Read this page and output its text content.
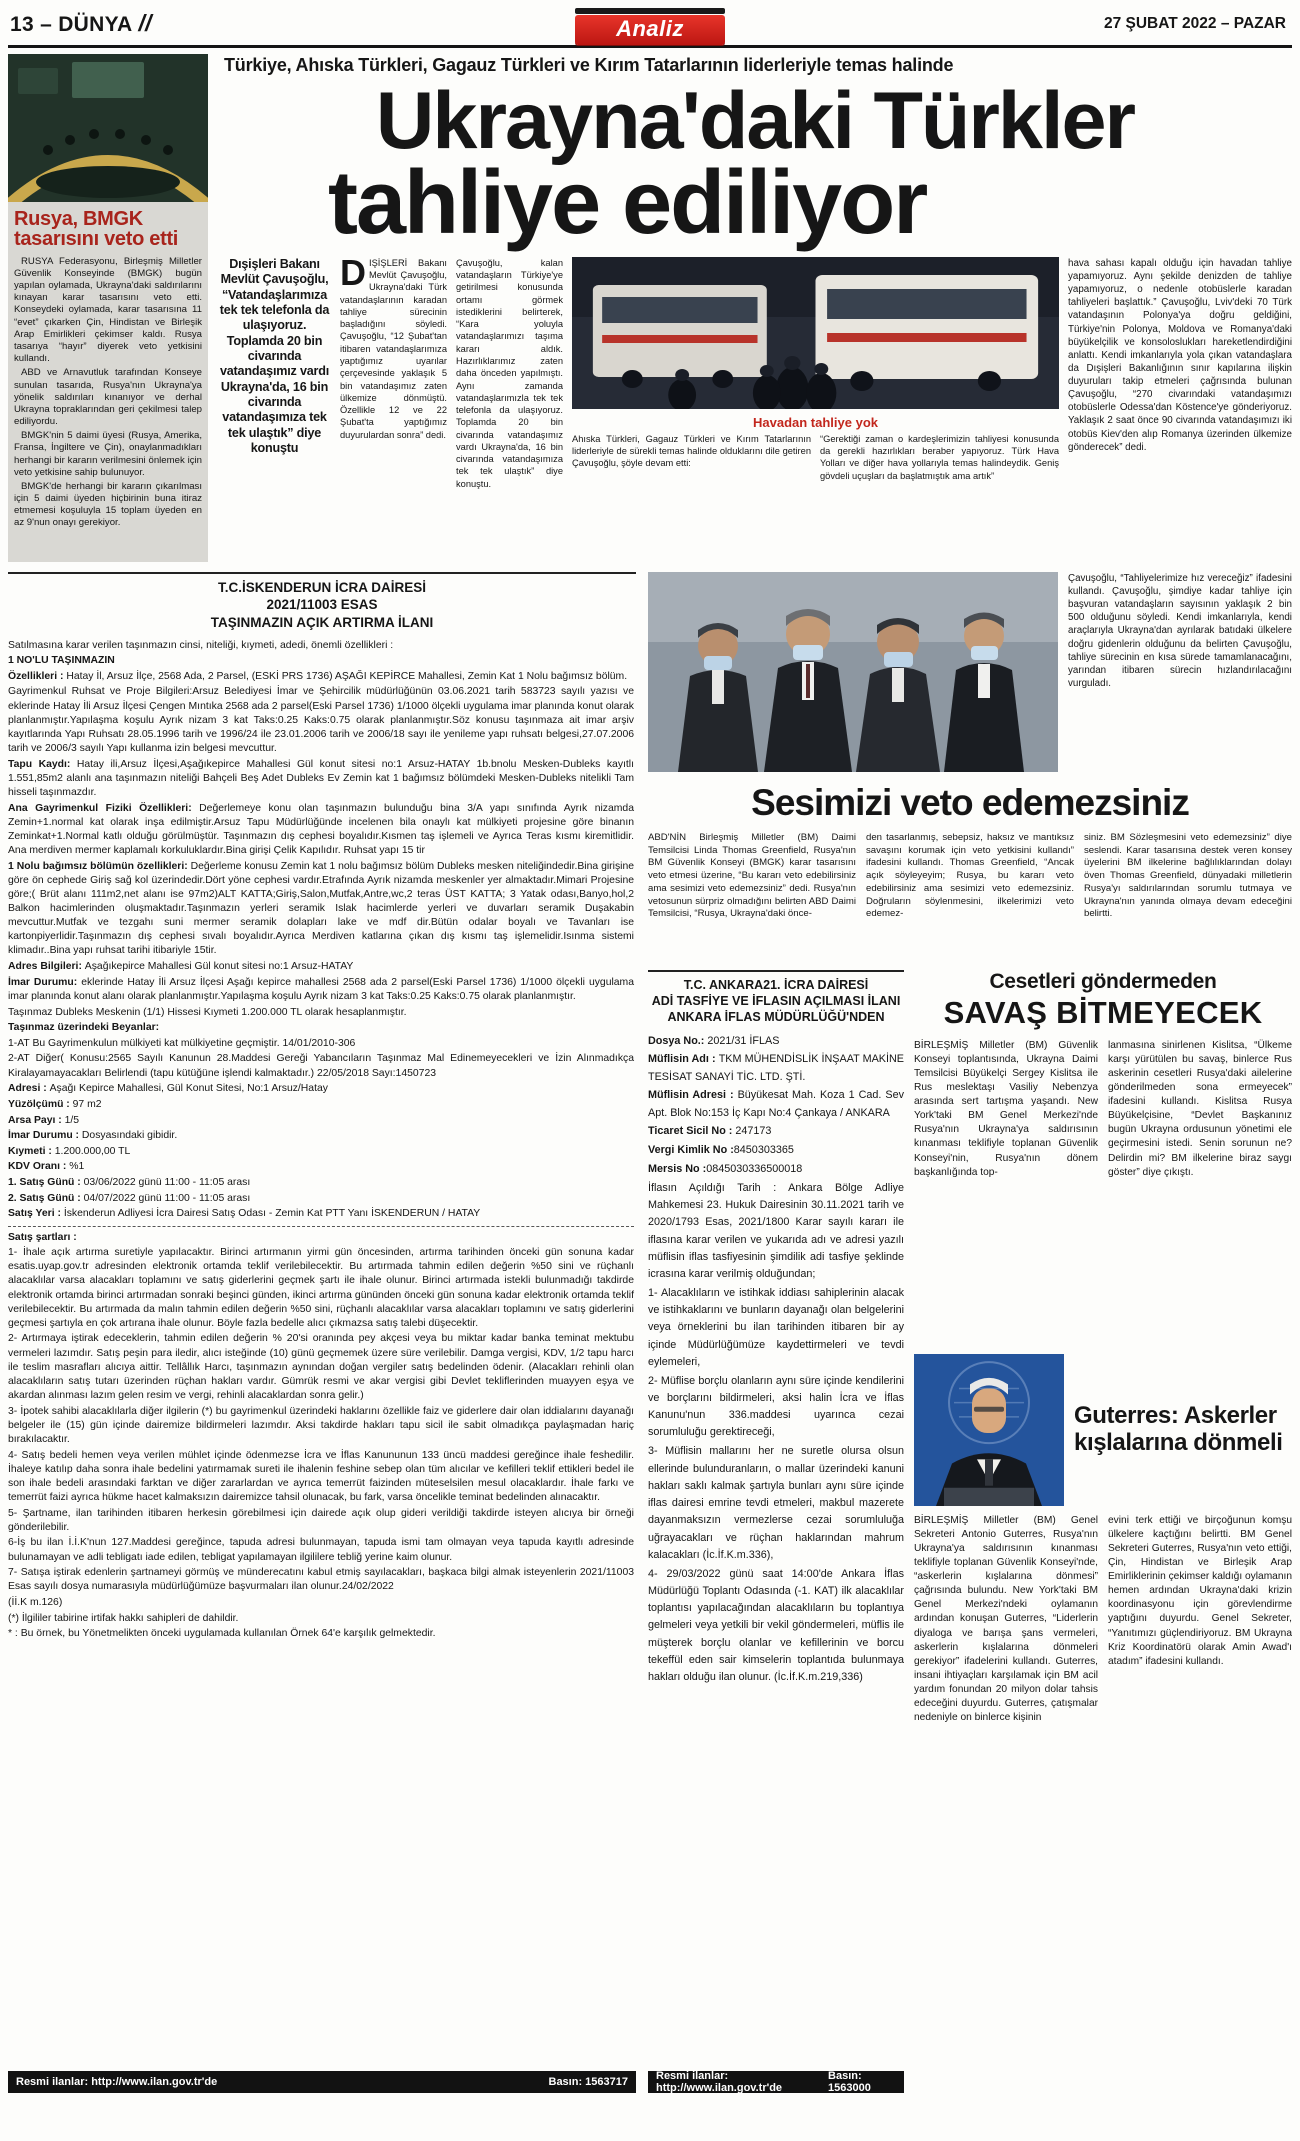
13 – DÜNYA //	Analiz	27 ŞUBAT 2022 – PAZAR
Rusya, BMGK tasarısını veto etti

RUSYA Federasyonu, Birleşmiş Milletler Güvenlik Konseyinde (BMGK) bugün yapılan oylamada, Ukrayna'daki saldırılarını kınayan karar tasarısını veto etti. Konseydeki oylamada, karar tasarısına 11 “evet” çıkarken Çin, Hindistan ve Birleşik Arap Emirlikleri çekimser kaldı. Rusya tasarıya “hayır” diyerek veto yetkisini kullandı.

ABD ve Arnavutluk tarafından Konseye sunulan tasarıda, Rusya'nın Ukrayna'ya yönelik saldırıları kınanıyor ve derhal Ukrayna topraklarından geri çekilmesi talep ediliyordu.

BMGK'nin 5 daimi üyesi (Rusya, Amerika, Fransa, İngiltere ve Çin), onaylanmadıkları herhangi bir kararın verilmesini önlemek için veto yetkisine sahip bulunuyor.

BMGK'de herhangi bir kararın çıkarılması için 5 daimi üyeden hiçbirinin buna itiraz etmemesi koşuluyla 15 toplam üyeden en az 9'nun onayı gerekiyor.

Türkiye, Ahıska Türkleri, Gagauz Türkleri ve Kırım Tatarlarının liderleriyle temas halinde
Ukrayna'daki Türkler
tahliye ediliyor
Dışişleri Bakanı Mevlüt Çavuşoğlu, “Vatandaşlarımıza tek tek telefonla da ulaşıyoruz. Toplamda 20 bin civarında vatandaşımız vardı Ukrayna'da, 16 bin civarında vatandaşımıza tek tek ulaştık” diye konuştu
DIŞİŞLERİ Bakanı Mevlüt Çavuşoğlu, Ukrayna'daki Türk vatandaşlarının karadan tahliye sürecinin başladığını söyledi. Çavuşoğlu, “12 Şubat'tan itibaren vatandaşlarımıza yaptığımız uyarılar çerçevesinde yaklaşık 5 bin vatandaşımız zaten ülkemize dönmüştü. Özellikle 12 ve 22 Şubat'ta yaptığımız duyurulardan sonra” dedi.
Çavuşoğlu, kalan vatandaşların Türkiye'ye getirilmesi konusunda ortamı görmek istediklerini belirterek, “Kara yoluyla vatandaşlarımızı taşıma kararı aldık. Hazırlıklarımız zaten daha önceden yapılmıştı. Aynı zamanda vatandaşlarımızla tek tek telefonla da ulaşıyoruz. Toplamda 20 bin civarında vatandaşımız vardı Ukrayna'da, 16 bin civarında vatandaşımıza tek tek ulaştık” diye konuştu.
Havadan tahliye yok
Ahıska Türkleri, Gagauz Türkleri ve Kırım Tatarlarının liderleriyle de sürekli temas halinde olduklarını dile getiren Çavuşoğlu, şöyle devam etti:
“Gerektiği zaman o kardeşlerimizin tahliyesi konusunda da gerekli hazırlıkları beraber yapıyoruz. Türk Hava Yolları ve diğer hava yollarıyla temas halindeydik. Geniş gövdeli uçuşları da başlatmıştık ama artık”
hava sahası kapalı olduğu için havadan tahliye yapamıyoruz. Aynı şekilde denizden de tahliye yapamıyoruz, o nedenle otobüslerle karadan tahliyeleri başlattık.” Çavuşoğlu, Lviv'deki 70 Türk vatandaşının Polonya'ya doğru geldiğini, Türkiye'nin Polonya, Moldova ve Romanya'daki büyükelçilik ve konsoloslukları hareketlendirdiğini anlattı. Kendi imkanlarıyla yola çıkan vatandaşlara da Dışişleri Bakanlığının sınır kapılarına ilişkin duyuruları takip etmeleri çağrısında bulunan Çavuşoğlu, “270 civarındaki vatandaşımızı otobüslerle Odessa'dan Köstence'ye gönderiyoruz. Yaklaşık 2 saat önce 90 civarında vatandaşımızı iki otobüs Kiev'den alıp Romanya üzerinden ülkemize gönderecek” dedi.

T.C.İSKENDERUN İCRA DAİRESİ

2021/11003 ESAS

TAŞINMAZIN AÇIK ARTIRMA İLANI

Satılmasına karar verilen taşınmazın cinsi, niteliği, kıymeti, adedi, önemli özellikleri :

1 NO'LU TAŞINMAZIN

Özellikleri : Hatay İl, Arsuz İlçe, 2568 Ada, 2 Parsel, (ESKİ PRS 1736) AŞAĞI KEPİRCE Mahallesi, Zemin Kat 1 Nolu bağımsız bölüm.

Gayrimenkul Ruhsat ve Proje Bilgileri:Arsuz Belediyesi İmar ve Şehircilik müdürlüğünün 03.06.2021 tarih 583723 sayılı yazısı ve eklerinde Hatay İli Arsuz İlçesi Çengen Mıntıka 2568 ada 2 parsel(Eski Parsel 1736) 1/1000 ölçekli uygulama imar planında konut olarak planlanmıştır.Yapılaşma koşulu Ayrık nizam 3 kat Taks:0.25 Kaks:0.75 olarak planlanmıştır.Söz konusu taşınmaza ait imar arşiv kayıtlarında Yapı Ruhsatı 28.05.1996 tarih ve 1996/24 ile 23.01.2006 tarih ve 2006/18 sayı ile yenileme yapı ruhsatı belgesi,27.07.2006 tarih ve 2006/3 sayılı Yapı kullanma izin belgesi mevcuttur.

Tapu Kaydı: Hatay ili,Arsuz İlçesi,Aşağıkepirce Mahallesi Gül konut sitesi no:1 Arsuz-HATAY 1b.bnolu Mesken-Dubleks kayıtlı 1.551,85m2 alanlı ana taşınmazın niteliği Bahçeli Beş Adet Dubleks Ev Zemin kat 1 bağımsız bölümdeki Mesken-Dubleks nitelikli Tam hisseli taşınmazdır.

Ana Gayrimenkul Fiziki Özellikleri: Değerlemeye konu olan taşınmazın bulunduğu bina 3/A yapı sınıfında Ayrık nizamda Zemin+1.normal kat olarak inşa edilmiştir.Arsuz Tapu Müdürlüğünde incelenen bila onaylı kat mülkiyeti projesine göre binanın Zeminkat+1.Normal katlı olduğu görülmüştür. Taşınmazın dış cephesi boyalıdır.Kısmen taş işlemeli ve Ayrıca Teras kısmı kiremitlidir. Ana merdiven mermer kaplamalı korkuluklardır.Bina girişi Çelik Kapılıdır. Ruhsat yapı 15 tir

1 Nolu bağımsız bölümün özellikleri: Değerleme konusu Zemin kat 1 nolu bağımsız bölüm Dubleks mesken niteliğindedir.Bina girişine göre ön cephede Giriş sağ kol üzerindedir.Dört yöne cephesi vardır.Etrafında Ayrık nizamda meskenler yer almaktadır.Mimari Projesine göre;( Brüt alanı 111m2,net alanı ise 97m2)ALT KATTA;Giriş,Salon,Mutfak,Antre,wc,2 teras ÜST KATTA; 3 Yatak odası,Banyo,hol,2 Balkon hacimlerinden oluşmaktadır.Taşınmazın yerleri seramik Islak hacimlerde yerleri ve duvarları seramik Duşakabin mevcuttur.Mutfak ve tezgahı suni mermer seramik dolapları lake ve mdf dir.Bütün odalar boyalı ve Tavanları ise kartonpiyerlidir.Taşınmazın dış cephesi sıvalı boyalıdır.Ayrıca Merdiven katlarına çıkan dış kısmı taş işlemelidir.Isınma sistemi klimadır..Bina yapı ruhsat tarihi itibariyle 15tir.

Adres Bilgileri: Aşağıkepirce Mahallesi Gül konut sitesi no:1 Arsuz-HATAY

İmar Durumu: eklerinde Hatay İli Arsuz İlçesi Aşağı kepirce mahallesi 2568 ada 2 parsel(Eski Parsel 1736) 1/1000 ölçekli uygulama imar planında konut alanı olarak planlanmıştır.Yapılaşma koşulu Ayrık nizam 3 kat Taks:0.25 Kaks:0.75 olarak planlanmıştır.

Taşınmaz Dubleks Meskenin (1/1) Hissesi Kıymeti 1.200.000 TL olarak hesaplanmıştır.

Taşınmaz üzerindeki Beyanlar:

1-AT Bu Gayrimenkulun mülkiyeti kat mülkiyetine geçmiştir. 14/01/2010-306

2-AT Diğer( Konusu:2565 Sayılı Kanunun 28.Maddesi Gereği Yabancıların Taşınmaz Mal Edinemeyecekleri ve İzin Alınmadıkça Kiralayamayacakları Belirlendi (tapu kütüğüne işlendi kalmaktadır.) 22/05/2018 Sayı:1450723

Adresi : Aşağı Kepirce Mahallesi, Gül Konut Sitesi, No:1 Arsuz/Hatay

Yüzölçümü : 97 m2

Arsa Payı : 1/5

İmar Durumu : Dosyasındaki gibidir.

Kıymeti : 1.200.000,00 TL

KDV Oranı : %1

1. Satış Günü : 03/06/2022 günü 11:00 - 11:05 arası

2. Satış Günü : 04/07/2022 günü 11:00 - 11:05 arası

Satış Yeri : İskenderun Adliyesi İcra Dairesi Satış Odası - Zemin Kat PTT Yanı İSKENDERUN / HATAY

Satış şartları :

1- İhale açık artırma suretiyle yapılacaktır. Birinci artırmanın yirmi gün öncesinden, artırma tarihinden önceki gün sonuna kadar esatis.uyap.gov.tr adresinden elektronik ortamda teklif verilebilecektir. Bu artırmada tahmin edilen değerin %50 sini ve rüçhanlı alacaklılar varsa alacakları toplamını ve satış giderlerini geçmek şartı ile ihale olunur. Birinci artırmada istekli bulunmadığı takdirde elektronik ortamda birinci artırmadan sonraki beşinci günden, ikinci artırma gününden önceki gün sonuna kadar elektronik ortamda teklif verilebilecektir. Bu artırmada da malın tahmin edilen değerin %50 sini, rüçhanlı alacaklılar varsa alacakları toplamını ve satış giderlerini geçmesi şartıyla en çok artırana ihale olunur. Böyle fazla bedelle alıcı çıkmazsa satış talebi düşecektir.

2- Artırmaya iştirak edeceklerin, tahmin edilen değerin % 20'si oranında pey akçesi veya bu miktar kadar banka teminat mektubu vermeleri lazımdır. Satış peşin para iledir, alıcı isteğinde (10) günü geçmemek üzere süre verilebilir. Damga vergisi, KDV, 1/2 tapu harcı ile teslim masrafları alıcıya aittir. Tellâllık Harcı, taşınmazın aynından doğan vergiler satış bedelinden ödenir. (Alacakları rehinli olan alacaklıların satış tutarı üzerinden rüçhan hakları vardır. Gümrük resmi ve akar vergisi gibi Devlet tekliflerinden muayyen eşya ve akardan alınması lazım gelen resim ve vergi, rehinli alacaklardan sonra gelir.)

3- İpotek sahibi alacaklılarla diğer ilgilerin (*) bu gayrimenkul üzerindeki haklarını özellikle faiz ve giderlere dair olan iddialarını dayanağı belgeler ile (15) gün içinde dairemize bildirmeleri lazımdır. Aksi takdirde hakları tapu sicil ile sabit olmadıkça paylaşmadan hariç bırakılacaktır.

4- Satış bedeli hemen veya verilen mühlet içinde ödenmezse İcra ve İflas Kanununun 133 üncü maddesi gereğince ihale feshedilir. İhaleye katılıp daha sonra ihale bedelini yatırmamak sureti ile ihalenin feshine sebep olan tüm alıcılar ve kefilleri teklif ettikleri bedel ile son ihale bedeli arasındaki farktan ve diğer zararlardan ve ayrıca temerrüt faizinden müteselsilen mesul olacaklardır. İhale farkı ve temerrüt faizi ayrıca hükme hacet kalmaksızın dairemizce tahsil olunacak, bu fark, varsa öncelikle teminat bedelinden alınacaktır.

5- Şartname, ilan tarihinden itibaren herkesin görebilmesi için dairede açık olup gideri verildiği takdirde isteyen alıcıya bir örneği gönderilebilir.

6-İş bu ilan İ.İ.K'nun 127.Maddesi gereğince, tapuda adresi bulunmayan, tapuda ismi tam olmayan veya tapuda kayıtlı adresinde bulunamayan ve adli tebligatı iade edilen, tebligat yapılamayan ilgililere tebliğ yerine kaim olunur.

7- Satışa iştirak edenlerin şartnameyi görmüş ve münderecatını kabul etmiş sayılacakları, başkaca bilgi almak isteyenlerin 2021/11003 Esas sayılı dosya numarasıyla müdürlüğümüze başvurmaları ilan olunur.24/02/2022

(İİ.K m.126)

(*) İlgililer tabirine irtifak hakkı sahipleri de dahildir.

* : Bu örnek, bu Yönetmelikten önceki uygulamada kullanılan Örnek 64'e karşılık gelmektedir.

Resmi ilanlar: http://www.ilan.gov.tr'de	Basın: 1563717
Çavuşoğlu, “Tahliyelerimize hız vereceğiz” ifadesini kullandı. Çavuşoğlu, şimdiye kadar tahliye için başvuran vatandaşların sayısının yaklaşık 2 bin 500 olduğunu söyledi. Kendi imkanlarıyla, kendi araçlarıyla Ukrayna'dan ayrılarak batıdaki ülkelere doğru gidenlerin olduğunu da belirten Çavuşoğlu, tahliye sürecinin en kısa sürede tamamlanacağını, yarından itibaren sürecin hızlandırılacağını vurguladı.
Sesimizi veto edemezsiniz
ABD'NİN Birleşmiş Milletler (BM) Daimi Temsilcisi Linda Thomas Greenfield, Rusya'nın BM Güvenlik Konseyi (BMGK) karar tasarısını veto etmesi üzerine, “Bu kararı veto edebilirsiniz ama sesimizi veto edemezsiniz” dedi. Rusya'nın vetosunun sürpriz olmadığını belirten ABD Daimi Temsilcisi, “Rusya, Ukrayna'daki önce-
den tasarlanmış, sebepsiz, haksız ve mantıksız savaşını korumak için veto yetkisini kullandı” ifadesini kullandı. Thomas Greenfield, “Ancak açık söyleyeyim; Rusya, bu kararı veto edebilirsiniz ama sesimizi veto edemezsiniz. Doğruların söylenmesini, ilkelerimizi veto edemez-
siniz. BM Sözleşmesini veto edemezsiniz” diye seslendi. Karar tasarısına destek veren konsey üyelerini BM ilkelerine bağlılıklarından dolayı öven Thomas Greenfield, dünyadaki milletlerin Rusya'yı saldırılarından sorumlu tutmaya ve Ukrayna'nın yanında olmaya devam edeceğini belirtti.

T.C. ANKARA21. İCRA DAİRESİ

ADİ TASFİYE VE İFLASIN AÇILMASI İLANI

ANKARA İFLAS MÜDÜRLÜĞÜ'NDEN

Dosya No.: 2021/31 İFLAS

Müflisin Adı : TKM MÜHENDİSLİK İNŞAAT MAKİNE TESİSAT SANAYİ TİC. LTD. ŞTİ.

Müflisin Adresi : Büyükesat Mah. Koza 1 Cad. Sev Apt. Blok No:153 İç Kapı No:4 Çankaya / ANKARA

Ticaret Sicil No : 247173

Vergi Kimlik No :8450303365

Mersis No :0845030336500018

İflasın Açıldığı Tarih : Ankara Bölge Adliye Mahkemesi 23. Hukuk Dairesinin 30.11.2021 tarih ve 2020/1793 Esas, 2021/1800 Karar sayılı kararı ile iflasına karar verilen ve yukarıda adı ve adresi yazılı müflisin iflas tasfiyesinin şimdilik adi tasfiye şeklinde icrasına karar verilmiş olduğundan;

1- Alacaklıların ve istihkak iddiası sahiplerinin alacak ve istihkaklarını ve bunların dayanağı olan belgelerini veya örneklerini bu ilan tarihinden itibaren bir ay içinde Müdürlüğümüze kaydettirmeleri ve tevdi eylemeleri,

2- Müflise borçlu olanların aynı süre içinde kendilerini ve borçlarını bildirmeleri, aksi halin İcra ve İflas Kanunu'nun 336.maddesi uyarınca cezai sorumluluğu gerektireceği,

3- Müflisin mallarını her ne suretle olursa olsun ellerinde bulunduranların, o mallar üzerindeki kanuni hakları saklı kalmak şartıyla bunları aynı süre içinde iflas dairesi emrine tevdi etmeleri, makbul mazerete dayanmaksızın vermezlerse cezai sorumluluğa uğrayacakları ve rüçhan haklarından mahrum kalacakları (İc.İf.K.m.336),

4- 29/03/2022 günü saat 14:00'de Ankara İflas Müdürlüğü Toplantı Odasında (-1. KAT) ilk alacaklılar toplantısı yapılacağından alacaklıların bu toplantıya gelmeleri veya yetkili bir vekil göndermeleri, müflis ile müşterek borçlu olanlar ve kefillerinin ve borcu tekeffül eden sair kimselerin toplantıda bulunmaya hakları olduğu ilan olunur. (İc.İf.K.m.219,336)

Resmi ilanlar: http://www.ilan.gov.tr'de
Basın: 1563000
Cesetleri göndermeden
SAVAŞ BİTMEYECEK
BİRLEŞMİŞ Milletler (BM) Güvenlik Konseyi toplantısında, Ukrayna Daimi Temsilcisi Büyükelçi Sergey Kislitsa ile Rus meslektaşı Vasiliy Nebenzya arasında sert tartışma yaşandı. New York'taki BM Genel Merkezi'nde Rusya'nın Ukrayna'ya saldırısının kınanması teklifiyle toplanan Güvenlik Konseyi'nin, Rusya'nın dönem başkanlığında top-
lanmasına sinirlenen Kislitsa, “Ülkeme karşı yürütülen bu savaş, binlerce Rus askerinin cesetleri Rusya'daki ailelerine gönderilmeden sona ermeyecek” ifadesini kullandı. Kislitsa Rusya Büyükelçisine, “Devlet Başkanınız bugün Ukrayna ordusunun yönetimi ele geçirmesini istedi. Senin sorunun ne? Delirdin mi? BM ilkelerine biraz saygı göster” diye çıkıştı.
Guterres: Askerler kışlalarına dönmeli
BİRLEŞMİŞ Milletler (BM) Genel Sekreteri Antonio Guterres, Rusya'nın Ukrayna'ya saldırısının kınanması teklifiyle toplanan Güvenlik Konseyi'nde, “askerlerin kışlalarına dönmesi” çağrısında bulundu. New York'taki BM Genel Merkezi'ndeki oylamanın ardından konuşan Guterres, “Liderlerin diyaloga ve barışa şans vermeleri, askerlerin kışlalarına dönmeleri gerekiyor” ifadelerini kullandı. Guterres, insani ihtiyaçları karşılamak için BM acil yardım fonundan 20 milyon dolar tahsis edeceğini duyurdu. Guterres, çatışmalar nedeniyle on binlerce kişinin
evini terk ettiği ve birçoğunun komşu ülkelere kaçtığını belirtti. BM Genel Sekreteri Guterres, Rusya'nın veto ettiği, Çin, Hindistan ve Birleşik Arap Emirliklerinin çekimser kaldığı oylamanın hemen ardından Ukrayna'daki krizin koordinasyonu için görevlendirme yaptığını duyurdu. Genel Sekreter, “Yanıtımızı güçlendiriyoruz. BM Ukrayna Kriz Koordinatörü olarak Amin Awad'ı atadım” ifadesini kullandı.
